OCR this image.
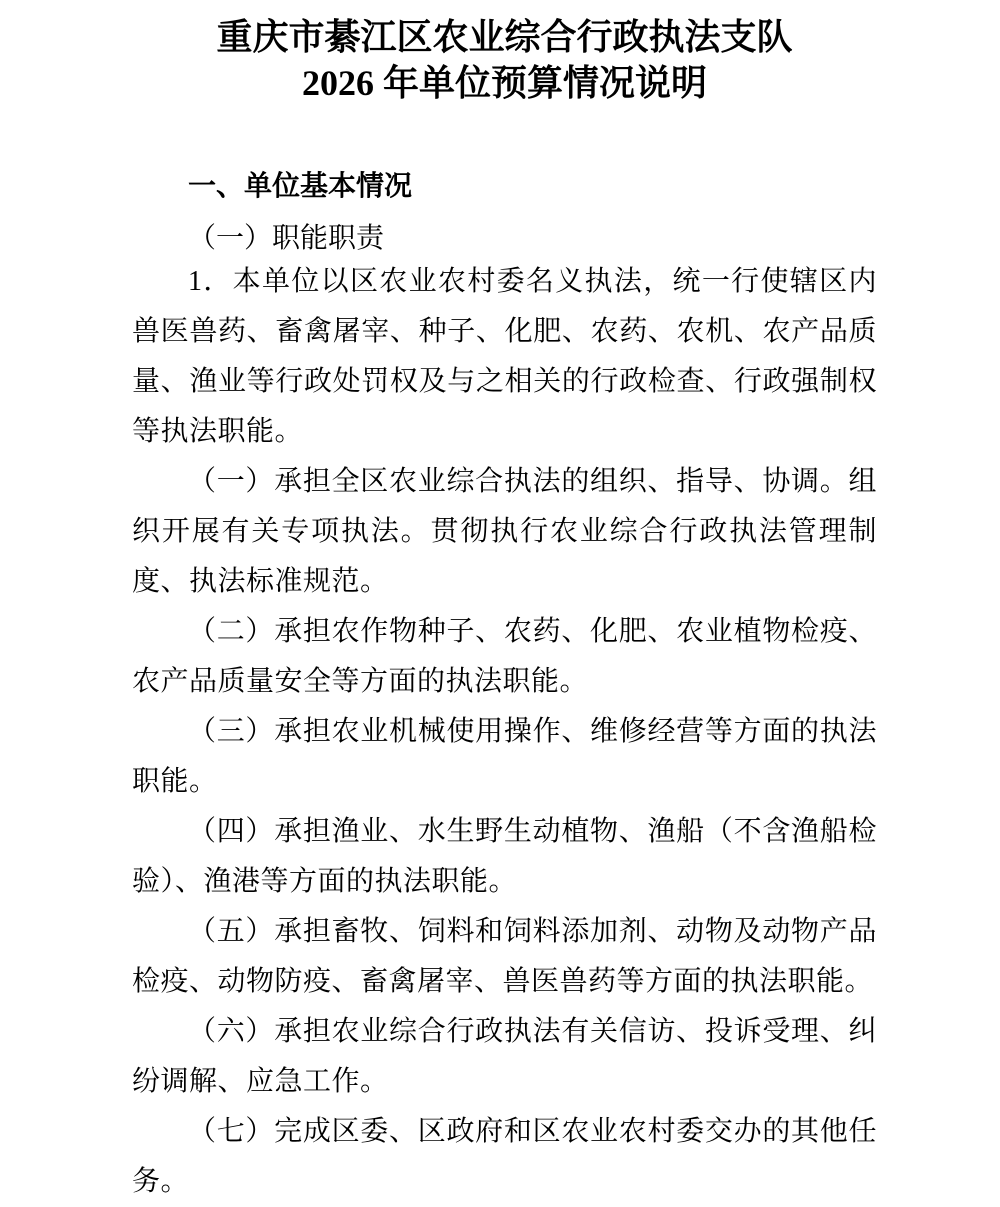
重庆市綦江区农业综合行政执法支队
2026 年单位预算情况说明
一、单位基本情况
（一）职能职责

1．本单位以区农业农村委名义执法，统一行使辖区内兽医兽药、畜禽屠宰、种子、化肥、农药、农机、农产品质量、渔业等行政处罚权及与之相关的行政检查、行政强制权等执法职能。

（一）承担全区农业综合执法的组织、指导、协调。组织开展有关专项执法。贯彻执行农业综合行政执法管理制度、执法标准规范。

（二）承担农作物种子、农药、化肥、农业植物检疫、农产品质量安全等方面的执法职能。

（三）承担农业机械使用操作、维修经营等方面的执法职能。

（四）承担渔业、水生野生动植物、渔船（不含渔船检验）、渔港等方面的执法职能。

（五）承担畜牧、饲料和饲料添加剂、动物及动物产品检疫、动物防疫、畜禽屠宰、兽医兽药等方面的执法职能。

（六）承担农业综合行政执法有关信访、投诉受理、纠纷调解、应急工作。

（七）完成区委、区政府和区农业农村委交办的其他任务。
